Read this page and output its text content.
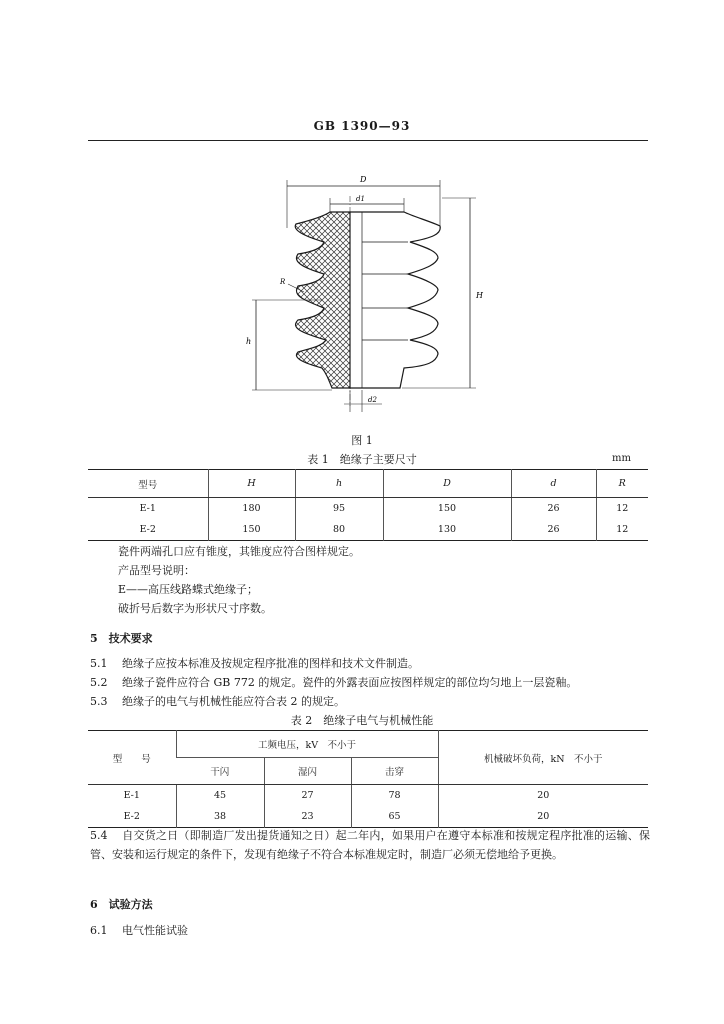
GB 1390—93
D
d1
H
h
R
d2
图 1
表 1　绝缘子主要尺寸	mm
型号	H	h	D	d	R
E-1	180	95	150	26	12
E-2	150	80	130	26	12
瓷件两端孔口应有锥度，其锥度应符合图样规定。
产品型号说明：
E——高压线路蝶式绝缘子；
破折号后数字为形状尺寸序数。
5　技术要求
5.1 绝缘子应按本标准及按规定程序批准的图样和技术文件制造。
5.2 绝缘子瓷件应符合 GB 772 的规定。瓷件的外露表面应按图样规定的部位均匀地上一层瓷釉。
5.3 绝缘子的电气与机械性能应符合表 2 的规定。
表 2　绝缘子电气与机械性能
型　　号	工频电压，kV　不小于			机械破坏负荷，kN　不小于
	干闪	湿闪	击穿	
E-1	45	27	78	20
E-2	38	23	65	20
5.4 自交货之日（即制造厂发出提货通知之日）起二年内，如果用户在遵守本标准和按规定程序批准的运输、保管、安装和运行规定的条件下，发现有绝缘子不符合本标准规定时，制造厂必须无偿地给予更换。
6　试验方法
6.1 电气性能试验
